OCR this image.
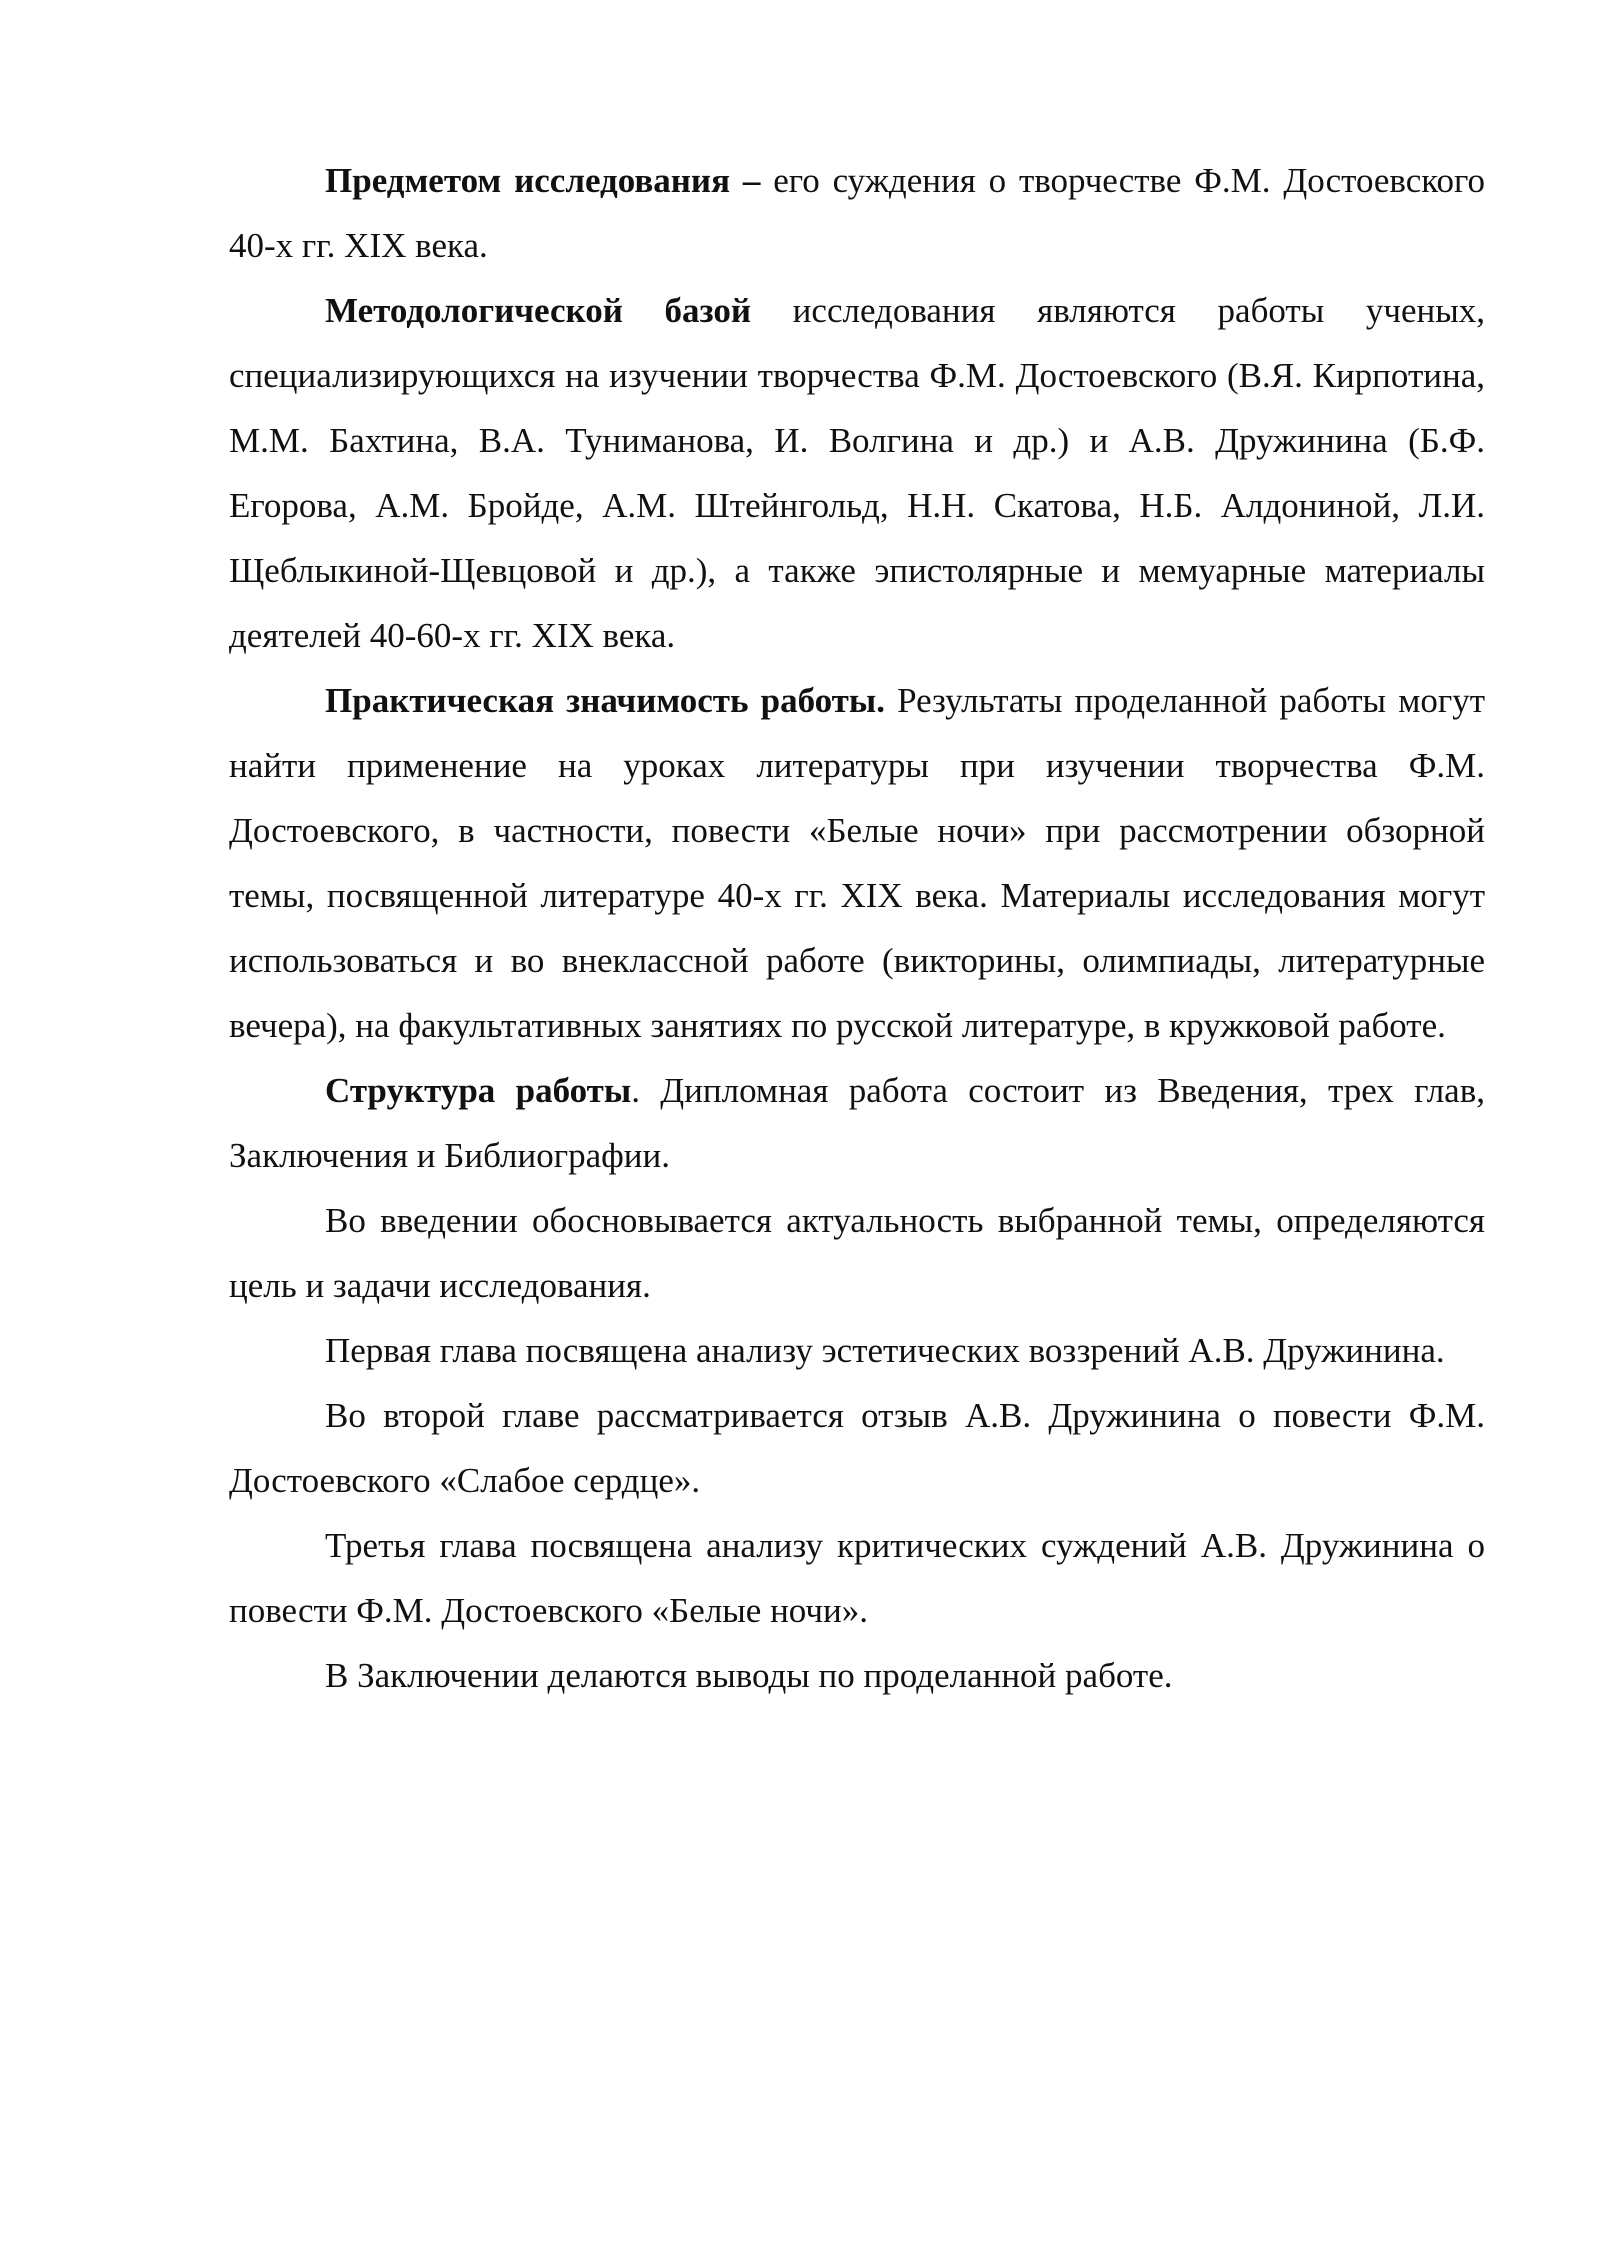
Предметом исследования – его суждения о творчестве Ф.М. Достоевского 40-х гг. XIX века.

Методологической базой исследования являются работы ученых, специализирующихся на изучении творчества Ф.М. Достоевского (В.Я. Кирпотина, М.М. Бахтина, В.А. Туниманова, И. Волгина и др.) и А.В. Дружинина (Б.Ф. Егорова, А.М. Бройде, А.М. Штейнгольд, Н.Н. Скатова, Н.Б. Алдониной, Л.И. Щеблыкиной-Щевцовой и др.), а также эпистолярные и мемуарные материалы деятелей 40-60-х гг. XIX века.

Практическая значимость работы. Результаты проделанной работы могут найти применение на уроках литературы при изучении творчества Ф.М. Достоевского, в частности, повести «Белые ночи» при рассмотрении обзорной темы, посвященной литературе 40-х гг. XIX века. Материалы исследования могут использоваться и во внеклассной работе (викторины, олимпиады, литературные вечера), на факультативных занятиях по русской литературе, в кружковой работе.

Структура работы. Дипломная работа состоит из Введения, трех глав, Заключения и Библиографии.

Во введении обосновывается актуальность выбранной темы, определяются цель и задачи исследования.

Первая глава посвящена анализу эстетических воззрений А.В. Дружинина.

Во второй главе рассматривается отзыв А.В. Дружинина о повести Ф.М. Достоевского «Слабое сердце».

Третья глава посвящена анализу критических суждений А.В. Дружинина о повести Ф.М. Достоевского «Белые ночи».

В Заключении делаются выводы по проделанной работе.
